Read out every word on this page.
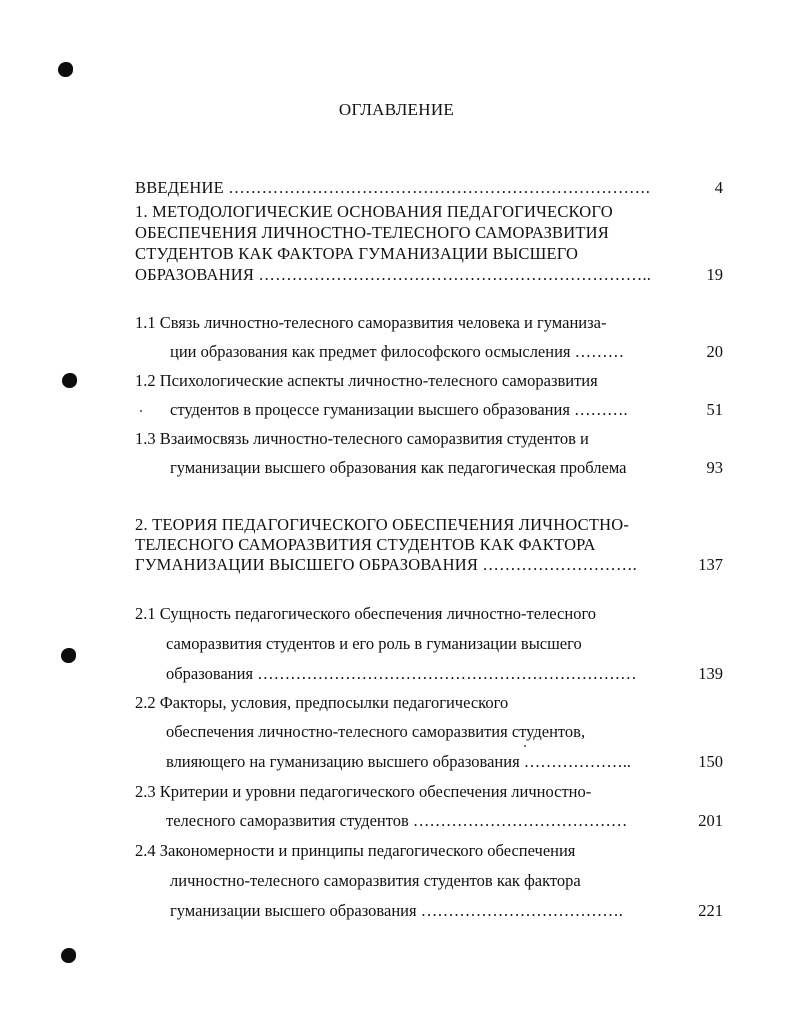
ОГЛАВЛЕНИЕ
ВВЕДЕНИЕ ………………………………………………………………….	4
1. МЕТОДОЛОГИЧЕСКИЕ ОСНОВАНИЯ ПЕДАГОГИЧЕСКОГО
ОБЕСПЕЧЕНИЯ ЛИЧНОСТНО-ТЕЛЕСНОГО САМОРАЗВИТИЯ
СТУДЕНТОВ КАК ФАКТОРА ГУМАНИЗАЦИИ ВЫСШЕГО
ОБРАЗОВАНИЯ ……………………………………………………………..	19
1.1 Связь личностно-телесного саморазвития человека и гуманиза-
ции образования как предмет философского осмысления ………	20
1.2 Психологические аспекты личностно-телесного саморазвития
студентов в процессе гуманизации высшего образования ……….	51
1.3 Взаимосвязь личностно-телесного саморазвития студентов и
гуманизации высшего образования как педагогическая проблема	93
2. ТЕОРИЯ ПЕДАГОГИЧЕСКОГО ОБЕСПЕЧЕНИЯ ЛИЧНОСТНО-
ТЕЛЕСНОГО САМОРАЗВИТИЯ СТУДЕНТОВ КАК ФАКТОРА
ГУМАНИЗАЦИИ ВЫСШЕГО ОБРАЗОВАНИЯ ……………………….	137
2.1 Сущность педагогического обеспечения личностно-телесного
саморазвития студентов и его роль в гуманизации высшего
образования ……………………………………………………………	139
2.2 Факторы, условия, предпосылки педагогического
обеспечения личностно-телесного саморазвития студентов,
влияющего на гуманизацию высшего образования ………………..	150
2.3 Критерии и уровни педагогического обеспечения личностно-
телесного саморазвития студентов …………………………………	201
2.4 Закономерности и принципы педагогического обеспечения
личностно-телесного саморазвития студентов как фактора
гуманизации высшего образования ……………………………….	221
